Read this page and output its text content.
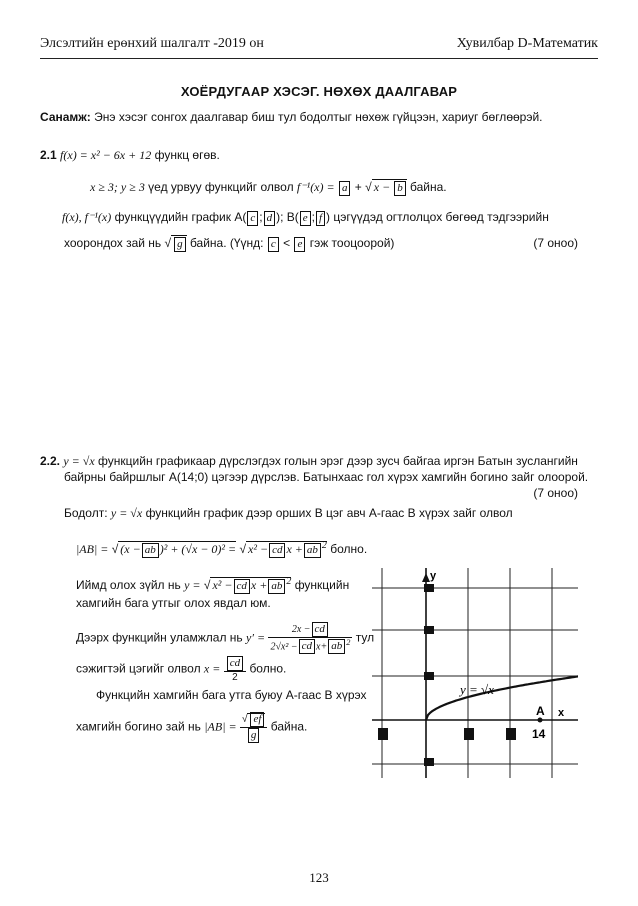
Элсэлтийн ерөнхий шалгалт -2019 он	Хувилбар D-Математик
ХОЁРДУГААР ХЭСЭГ. НӨХӨХ ДААЛГАВАР
Санамж: Энэ хэсэг сонгох даалгавар биш тул бодолтыг нөхөж гүйцээн, хариуг бөглөөрэй.
2.1 f(x) = x² − 6x + 12 функц өгөв.
x ≥ 3; y ≥ 3 үед урвуу функцийг олвол f⁻¹(x) = a + √ x − b байна.
f(x), f⁻¹(x) функцүүдийн график A( c ; d ); B( e ; f ) цэгүүдэд огтлолцох бөгөөд тэдгээрийн
хоорондох зай нь √ g байна. (Үүнд: c < e гэж тооцоорой)	(7 оноо)
2.2. y = √x функцийн графикаар дүрслэгдэх голын эрэг дээр зусч байгаа иргэн Батын зуслангийн
байрны байршлыг A(14;0) цэгээр дүрслэв. Батынхаас гол хүрэх хамгийн богино зайг олоорой.
(7 оноо)
Бодолт: y = √x функцийн график дээр орших B цэг авч A-гаас B хүрэх зайг олвол
|AB| = √ (x − ab )² + (√x − 0)² = √ x² − cd x + ab $^2$ болно.
Иймд олох зүйл нь y = √ x² − cd x + ab $^2$ функцийн
хамгийн бага утгыг олох явдал юм.
Дээрх функцийн уламжлал нь $y' = \frac{2x - cd}{2√x^2 - cd x+ ab ^2}$ тул
сэжигтэй цэгийг олвол $x = \frac{cd}{2}$ болно.
Функцийн хамгийн бага утга буюу A-гаас B хүрэх
хамгийн богино зай нь $|AB| = \frac{√ ef}{g}$ байна.
A x
y
14
y = √x
123
